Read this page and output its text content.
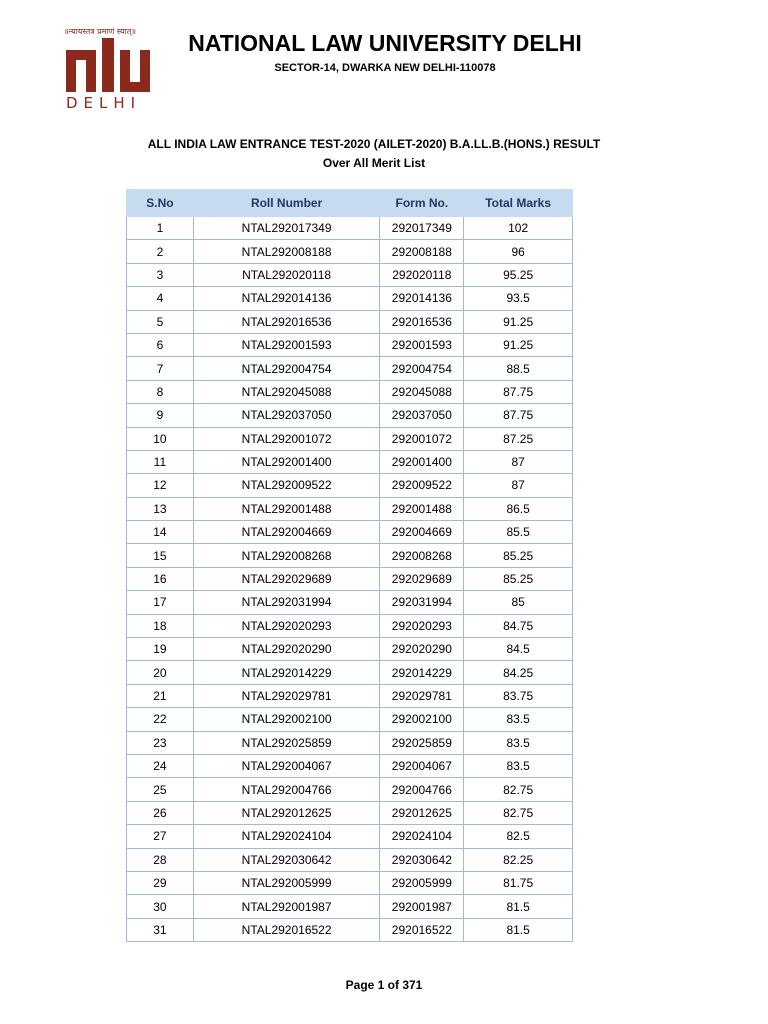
॥न्यायस्तत्र प्रमाणं स्यात्॥
DELHI
NATIONAL LAW UNIVERSITY DELHI
SECTOR-14, DWARKA NEW DELHI-110078
ALL INDIA LAW ENTRANCE TEST-2020 (AILET-2020) B.A.LL.B.(HONS.) RESULT
Over All Merit List
S.No	Roll Number	Form No.	Total Marks
1	NTAL292017349	292017349	102
2	NTAL292008188	292008188	96
3	NTAL292020118	292020118	95.25
4	NTAL292014136	292014136	93.5
5	NTAL292016536	292016536	91.25
6	NTAL292001593	292001593	91.25
7	NTAL292004754	292004754	88.5
8	NTAL292045088	292045088	87.75
9	NTAL292037050	292037050	87.75
10	NTAL292001072	292001072	87.25
11	NTAL292001400	292001400	87
12	NTAL292009522	292009522	87
13	NTAL292001488	292001488	86.5
14	NTAL292004669	292004669	85.5
15	NTAL292008268	292008268	85.25
16	NTAL292029689	292029689	85.25
17	NTAL292031994	292031994	85
18	NTAL292020293	292020293	84.75
19	NTAL292020290	292020290	84.5
20	NTAL292014229	292014229	84.25
21	NTAL292029781	292029781	83.75
22	NTAL292002100	292002100	83.5
23	NTAL292025859	292025859	83.5
24	NTAL292004067	292004067	83.5
25	NTAL292004766	292004766	82.75
26	NTAL292012625	292012625	82.75
27	NTAL292024104	292024104	82.5
28	NTAL292030642	292030642	82.25
29	NTAL292005999	292005999	81.75
30	NTAL292001987	292001987	81.5
31	NTAL292016522	292016522	81.5
Page 1 of 371
